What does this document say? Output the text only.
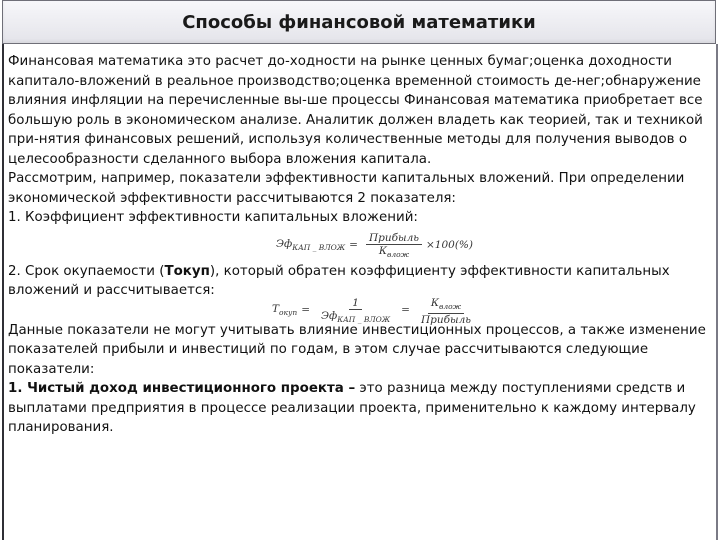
Способы финансовой математики

Финансовая математика это расчет до-ходности на рынке ценных бумаг;оценка доходности капитало-вложений в реальное производство;оценка временной стоимость де-нег;обнаружение влияния инфляции на перечисленные вы-ше процессы Финансовая математика приобретает все большую роль в экономическом анализе. Аналитик должен владеть как теорией, так и техникой при-нятия финансовых решений, используя количественные методы для получения выводов о целесообразности сделанного выбора вложения капитала.

Рассмотрим, например, показатели эффективности капитальных вложений. При определении экономической эффективности рассчитываются 2 показателя:

1. Коэффициент эффективности капитальных вложений:

$Эф_{КАП \_ ВЛОЖ} = \frac{\text{Прибыль}}{К_{влож}} \times 100(\%)$

2. Срок окупаемости (Токуп), который обратен коэффициенту эффективности капитальных вложений и рассчитывается:

$Т_{окуп} = \frac{1}{Эф_{КАП \_ ВЛОЖ}} = \frac{К_{влож}}{\text{Прибыль}}$

Данные показатели не могут учитывать влияние инвестиционных процессов, а также изменение показателей прибыли и инвестиций по годам, в этом случае рассчитываются следующие показатели:

1. Чистый доход инвестиционного проекта – это разница между поступлениями средств и выплатами предприятия в процессе реализации проекта, применительно к каждому интервалу планирования.
